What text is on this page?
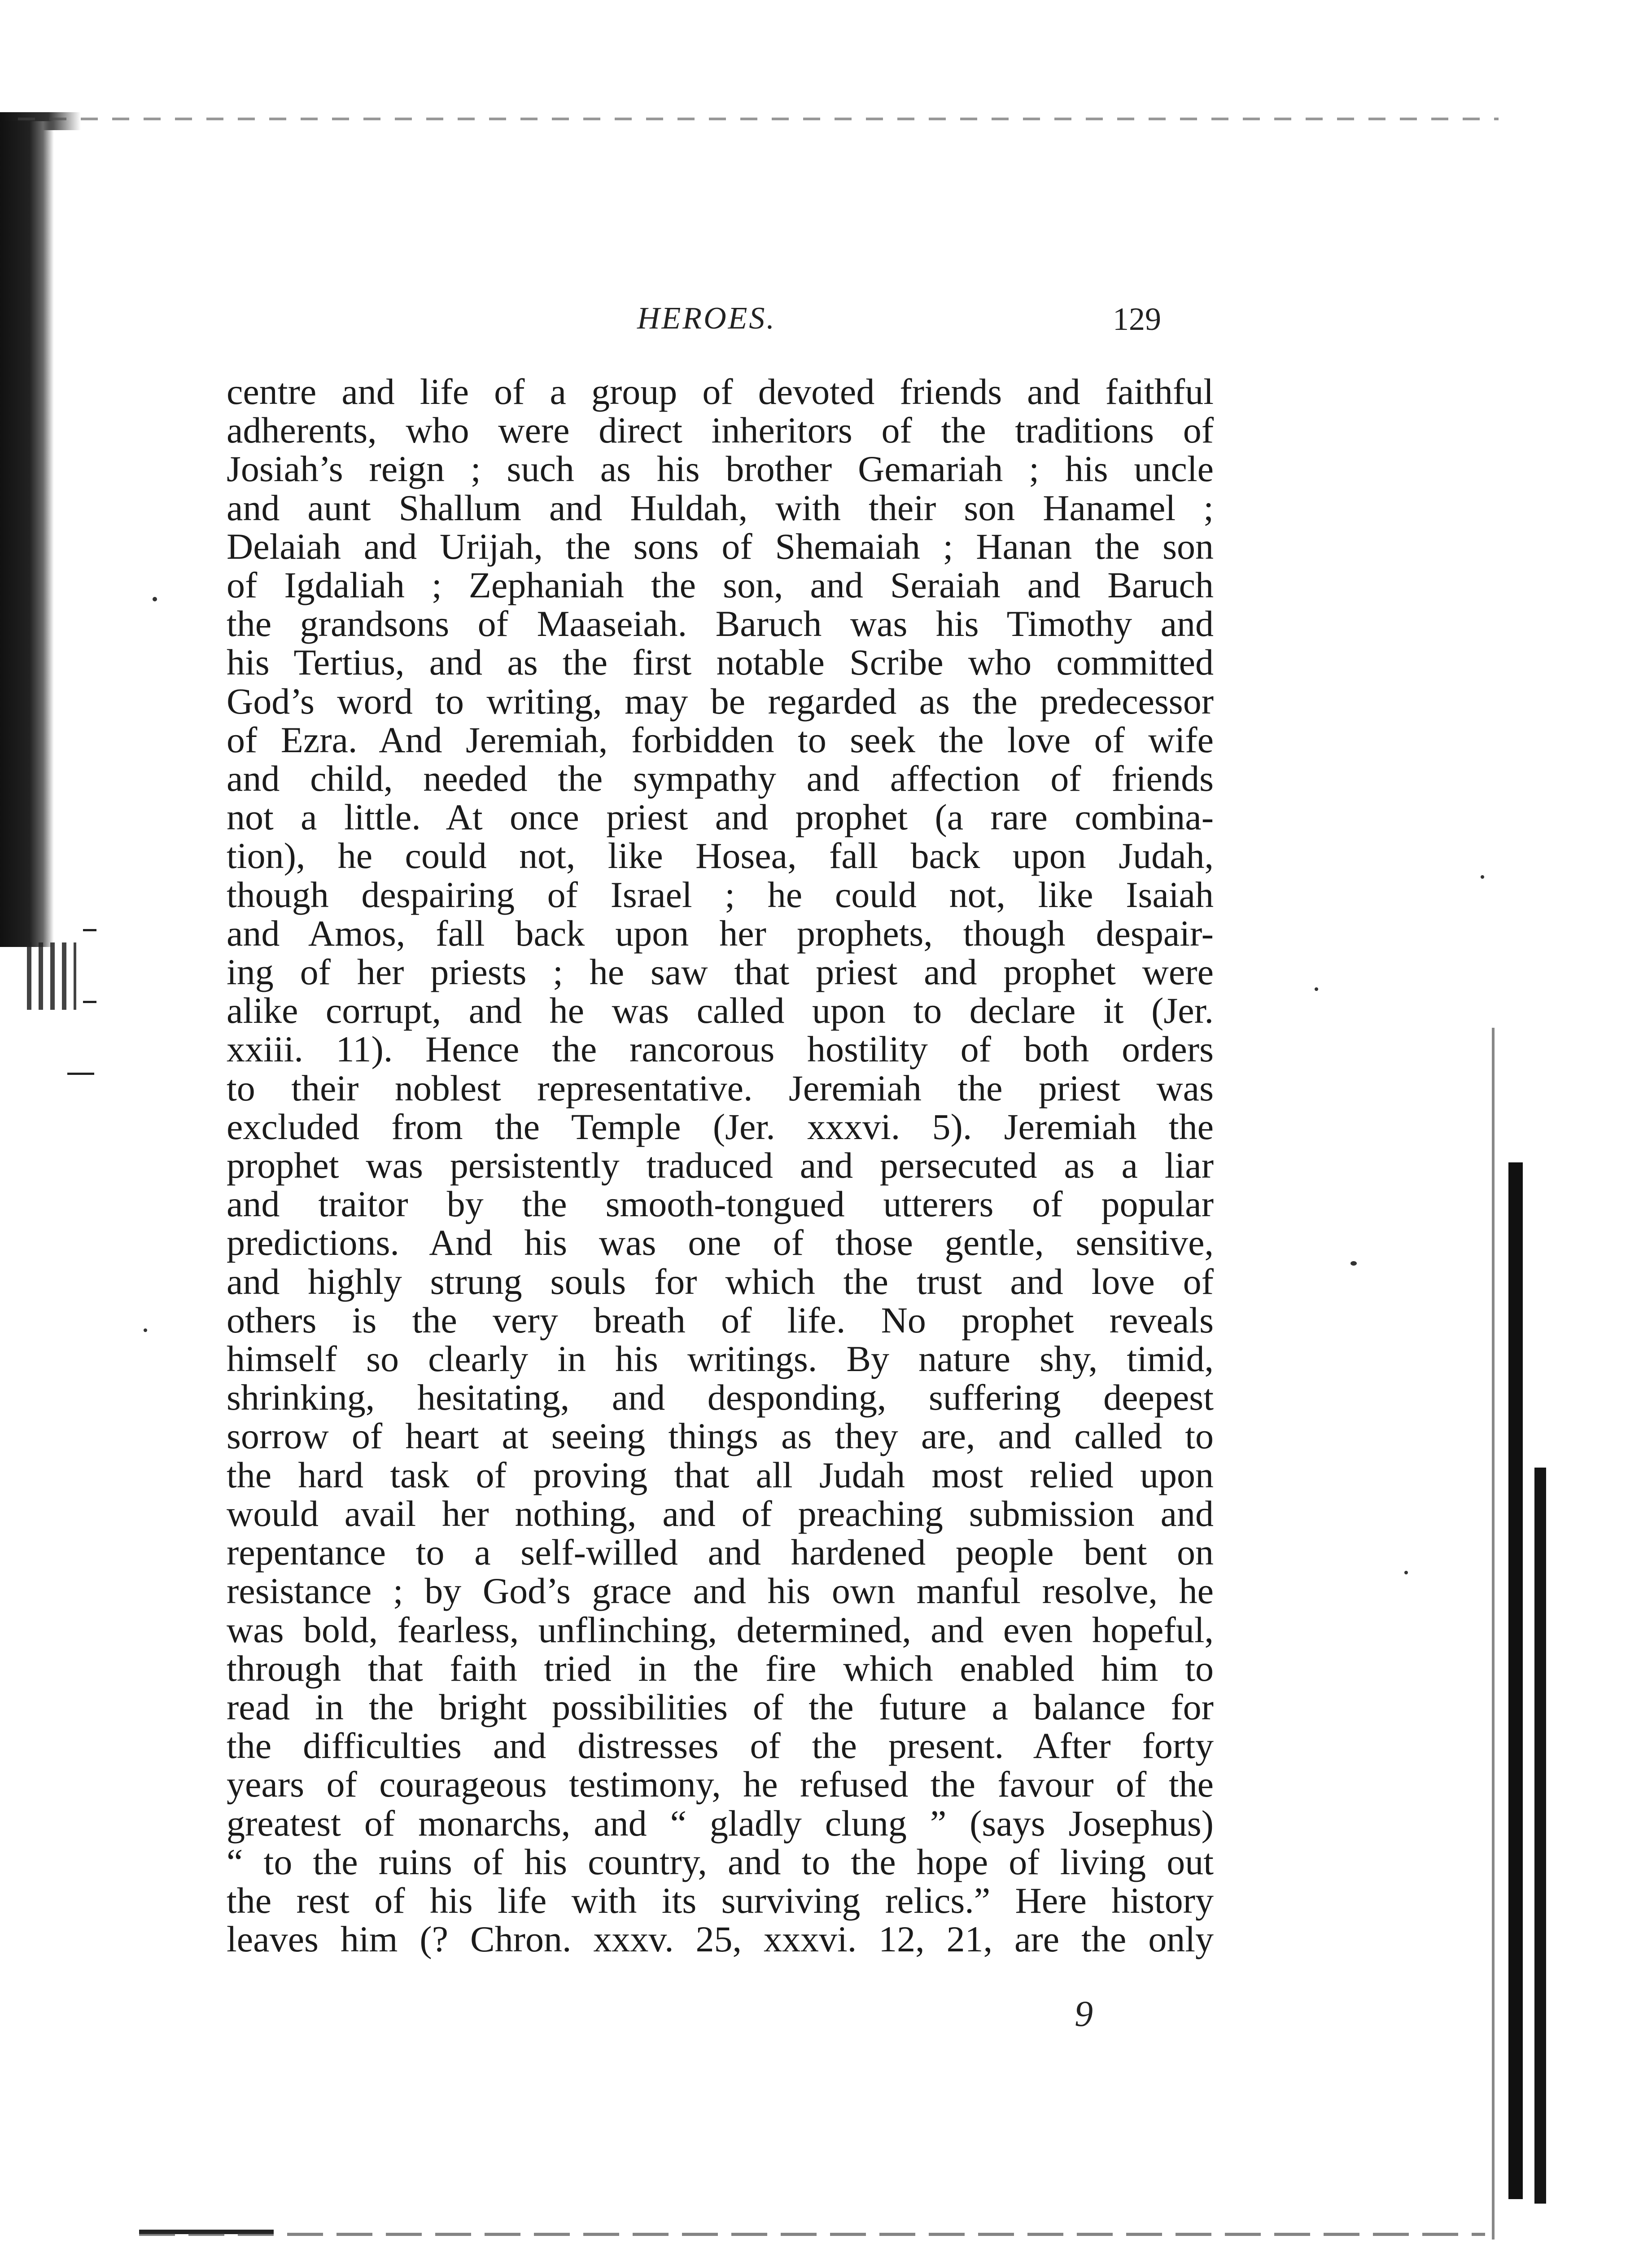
HEROES.	129
centre and life of a group of devoted friends and faithful
adherents, who were direct inheritors of the traditions of
Josiah’s reign ; such as his brother Gemariah ; his uncle
and aunt Shallum and Huldah, with their son Hanamel ;
Delaiah and Urijah, the sons of Shemaiah ; Hanan the son
of Igdaliah ; Zephaniah the son, and Seraiah and Baruch
the grandsons of Maaseiah. Baruch was his Timothy and
his Tertius, and as the first notable Scribe who committed
God’s word to writing, may be regarded as the predecessor
of Ezra. And Jeremiah, forbidden to seek the love of wife
and child, needed the sympathy and affection of friends
not a little. At once priest and prophet (a rare combina-
tion), he could not, like Hosea, fall back upon Judah,
though despairing of Israel ; he could not, like Isaiah
and Amos, fall back upon her prophets, though despair-
ing of her priests ; he saw that priest and prophet were
alike corrupt, and he was called upon to declare it (Jer.
xxiii. 11). Hence the rancorous hostility of both orders
to their noblest representative. Jeremiah the priest was
excluded from the Temple (Jer. xxxvi. 5). Jeremiah the
prophet was persistently traduced and persecuted as a liar
and traitor by the smooth-tongued utterers of popular
predictions. And his was one of those gentle, sensitive,
and highly strung souls for which the trust and love of
others is the very breath of life. No prophet reveals
himself so clearly in his writings. By nature shy, timid,
shrinking, hesitating, and desponding, suffering deepest
sorrow of heart at seeing things as they are, and called to
the hard task of proving that all Judah most relied upon
would avail her nothing, and of preaching submission and
repentance to a self-willed and hardened people bent on
resistance ; by God’s grace and his own manful resolve, he
was bold, fearless, unflinching, determined, and even hopeful,
through that faith tried in the fire which enabled him to
read in the bright possibilities of the future a balance for
the difficulties and distresses of the present. After forty
years of courageous testimony, he refused the favour of the
greatest of monarchs, and “ gladly clung ” (says Josephus)
“ to the ruins of his country, and to the hope of living out
the rest of his life with its surviving relics.” Here history
leaves him (? Chron. xxxv. 25, xxxvi. 12, 21, are the only
9
